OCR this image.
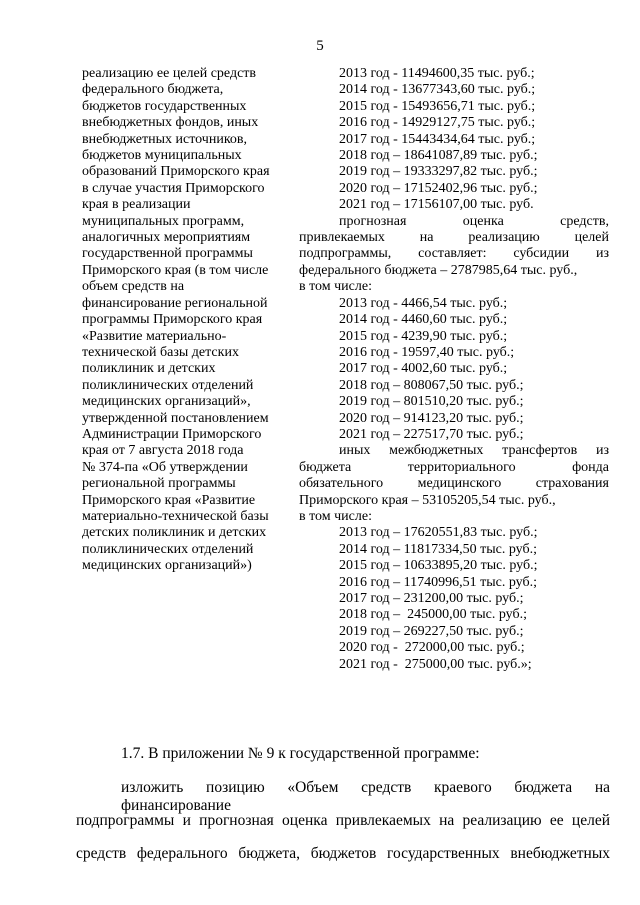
5
реализацию ее целей средств
федерального бюджета,
бюджетов государственных
внебюджетных фондов, иных
внебюджетных источников,
бюджетов муниципальных
образований Приморского края
в случае участия Приморского
края в реализации
муниципальных программ,
аналогичных мероприятиям
государственной программы
Приморского края (в том числе
объем средств на
финансирование региональной
программы Приморского края
«Развитие материально-
технической базы детских
поликлиник и детских
поликлинических отделений
медицинских организаций»,
утвержденной постановлением
Администрации Приморского
края от 7 августа 2018 года
№ 374-па «Об утверждении
региональной программы
Приморского края «Развитие
материально-технической базы
детских поликлиник и детских
поликлинических отделений
медицинских организаций»)
2013 год - 11494600,35 тыс. руб.;
2014 год - 13677343,60 тыс. руб.;
2015 год - 15493656,71 тыс. руб.;
2016 год - 14929127,75 тыс. руб.;
2017 год - 15443434,64 тыс. руб.;
2018 год – 18641087,89 тыс. руб.;
2019 год – 19333297,82 тыс. руб.;
2020 год – 17152402,96 тыс. руб.;
2021 год – 17156107,00 тыс. руб.
прогнозная оценка средств,
привлекаемых на реализацию целей
подпрограммы, составляет: субсидии из
федерального бюджета – 2787985,64 тыс. руб.,
в том числе:
2013 год - 4466,54 тыс. руб.;
2014 год - 4460,60 тыс. руб.;
2015 год - 4239,90 тыс. руб.;
2016 год - 19597,40 тыс. руб.;
2017 год - 4002,60 тыс. руб.;
2018 год – 808067,50 тыс. руб.;
2019 год – 801510,20 тыс. руб.;
2020 год – 914123,20 тыс. руб.;
2021 год – 227517,70 тыс. руб.;
иных межбюджетных трансфертов из
бюджета территориального фонда
обязательного медицинского страхования
Приморского края – 53105205,54 тыс. руб.,
в том числе:
2013 год – 17620551,83 тыс. руб.;
2014 год – 11817334,50 тыс. руб.;
2015 год – 10633895,20 тыс. руб.;
2016 год – 11740996,51 тыс. руб.;
2017 год – 231200,00 тыс. руб.;
2018 год –  245000,00 тыс. руб.;
2019 год – 269227,50 тыс. руб.;
2020 год -  272000,00 тыс. руб.;
2021 год -  275000,00 тыс. руб.»;
1.7. В приложении № 9 к государственной программе:
изложить позицию «Объем средств краевого бюджета на финансирование
подпрограммы и прогнозная оценка привлекаемых на реализацию ее целей
средств федерального бюджета, бюджетов государственных внебюджетных
